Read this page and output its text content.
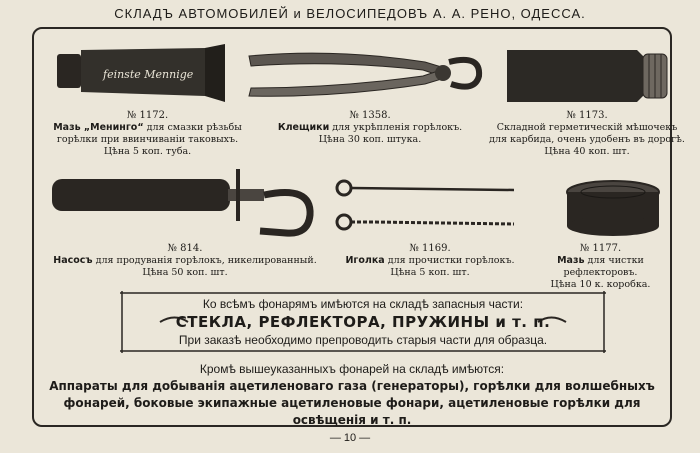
СКЛАДЪ АВТОМОБИЛЕЙ и ВЕЛОСИПЕДОВЪ А. А. РЕНО, ОДЕССА.
feinste Mennige
№ 1172.
Мазь „Менинго“ для смазки рѣзьбы горѣлки при ввинчиваніи таковыхъ.
Цѣна 5 коп. туба.
№ 1358.
Клещики для укрѣпленія горѣлокъ.
Цѣна 30 коп. штука.
№ 1173.
Складной герметическій мѣшочекъ для карбида, очень удобенъ въ дорогѣ.
Цѣна 40 коп. шт.
№ 814.
Насосъ для продуванія горѣлокъ, никелированный.
Цѣна 50 коп. шт.
№ 1169.
Иголка для прочистки горѣлокъ.
Цѣна 5 коп. шт.
№ 1177.
Мазь для чистки рефлекторовъ.
Цѣна 10 к. коробка.
Ко всѣмъ фонарямъ имѣются на складѣ запасныя части:
СТЕКЛА, РЕФЛЕКТОРА, ПРУЖИНЫ и т. п.
При заказѣ необходимо препроводить старыя части для образца.
Кромѣ вышеуказанныхъ фонарей на складѣ имѣются:
Аппараты для добыванія ацетиленоваго газа (генераторы), горѣлки для волшебныхъ фонарей, боковые экипажные ацетиленовые фонари, ацетиленовые горѣлки для освѣщенія и т. п.
— 10 —
